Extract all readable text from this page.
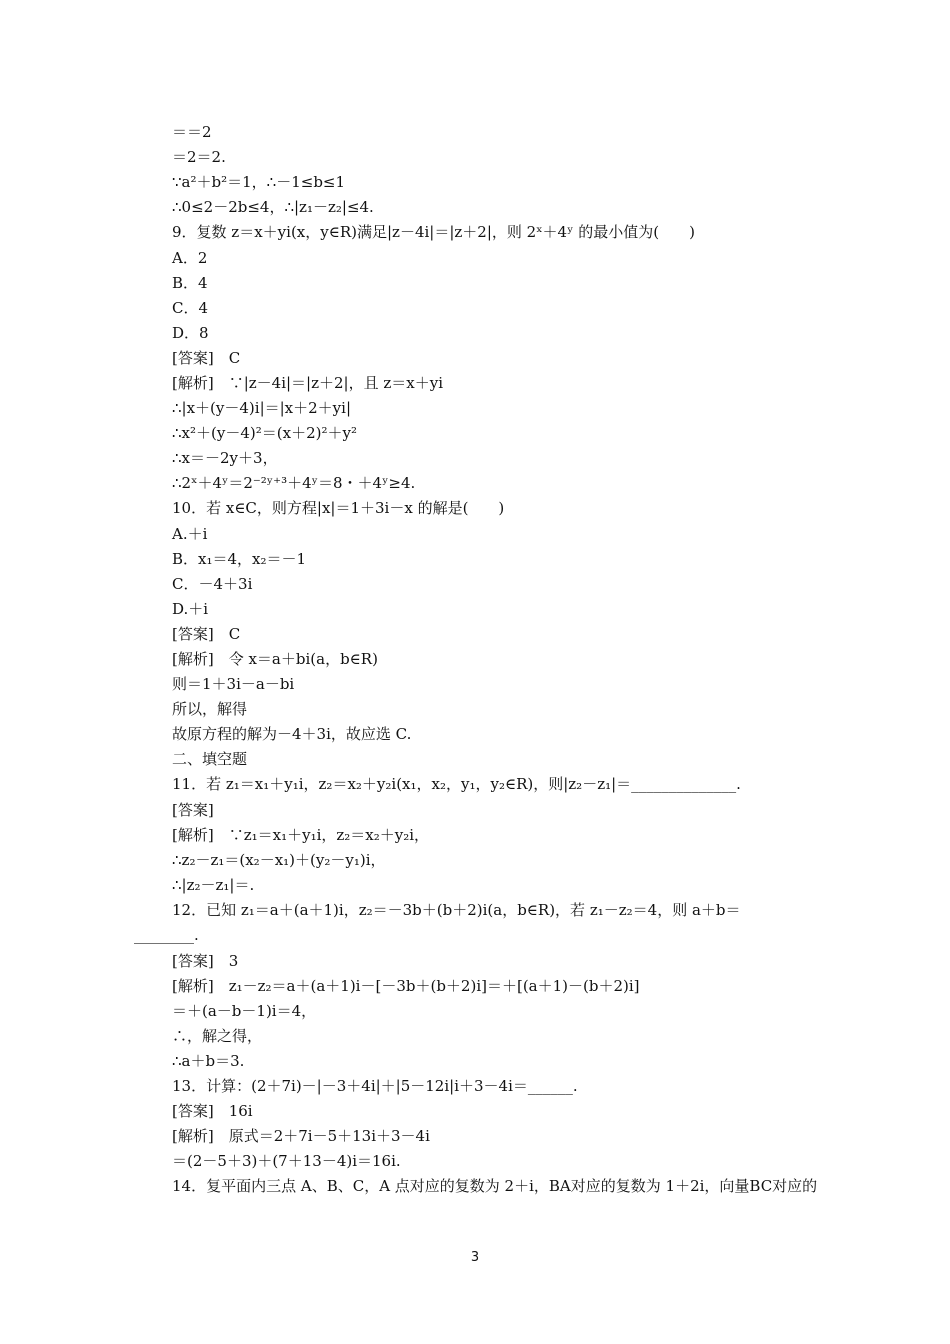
＝＝2
＝2＝2.
∵a²＋b²＝1，∴－1≤b≤1
∴0≤2－2b≤4，∴|z₁－z₂|≤4.
9．复数 z＝x＋yi(x，y∈R)满足|z－4i|＝|z＋2|，则 2ˣ＋4ʸ 的最小值为(　　)
A．2
B．4
C．4
D．8
[答案]　C
[解析]　∵|z－4i|＝|z＋2|，且 z＝x＋yi
∴|x＋(y－4)i|＝|x＋2＋yi|
∴x²＋(y－4)²＝(x＋2)²＋y²
∴x＝－2y＋3，
∴2ˣ＋4ʸ＝2⁻²ʸ⁺³＋4ʸ＝8・＋4ʸ≥4.
10．若 x∈C，则方程|x|＝1＋3i－x 的解是(　　)
A.＋i
B．x₁＝4，x₂＝－1
C．－4＋3i
D.＋i
[答案]　C
[解析]　令 x＝a＋bi(a，b∈R)
则＝1＋3i－a－bi
所以，解得
故原方程的解为－4＋3i，故应选 C.
二、填空题
11．若 z₁＝x₁＋y₁i，z₂＝x₂＋y₂i(x₁，x₂，y₁，y₂∈R)，则|z₂－z₁|＝______________.
[答案]
[解析]　∵z₁＝x₁＋y₁i，z₂＝x₂＋y₂i，
∴z₂－z₁＝(x₂－x₁)＋(y₂－y₁)i，
∴|z₂－z₁|＝.
12．已知 z₁＝a＋(a＋1)i，z₂＝－3b＋(b＋2)i(a，b∈R)，若 z₁－z₂＝4，则 a＋b＝
________.
[答案]　3
[解析]　z₁－z₂＝a＋(a＋1)i－[－3b＋(b＋2)i]＝＋[(a＋1)－(b＋2)i]
＝＋(a－b－1)i＝4，
∴，解之得，
∴a＋b＝3.
13．计算：(2＋7i)－|－3＋4i|＋|5－12i|i＋3－4i＝______.
[答案]　16i
[解析]　原式＝2＋7i－5＋13i＋3－4i
＝(2－5＋3)＋(7＋13－4)i＝16i.
14．复平面内三点 A、B、C，A 点对应的复数为 2＋i，BA对应的复数为 1＋2i，向量BC对应的
3
